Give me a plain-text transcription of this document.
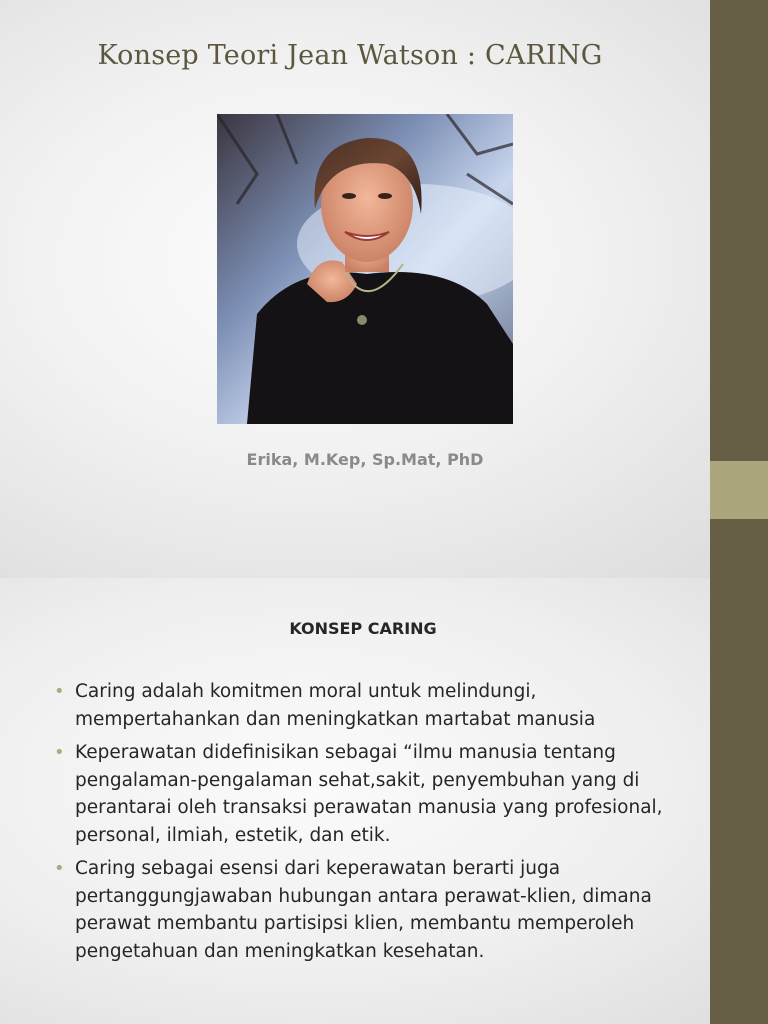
Konsep Teori Jean Watson : CARING

Erika, M.Kep, Sp.Mat, PhD

KONSEP CARING
• Caring adalah komitmen moral untuk melindungi, mempertahankan dan meningkatkan martabat manusia
• Keperawatan didefinisikan sebagai “ilmu manusia tentang pengalaman-pengalaman sehat,sakit, penyembuhan yang di perantarai oleh transaksi perawatan manusia yang profesional, personal, ilmiah, estetik, dan etik.
• Caring sebagai esensi dari keperawatan berarti juga pertanggungjawaban hubungan antara perawat-klien, dimana perawat membantu partisipsi klien, membantu memperoleh pengetahuan dan meningkatkan kesehatan.
